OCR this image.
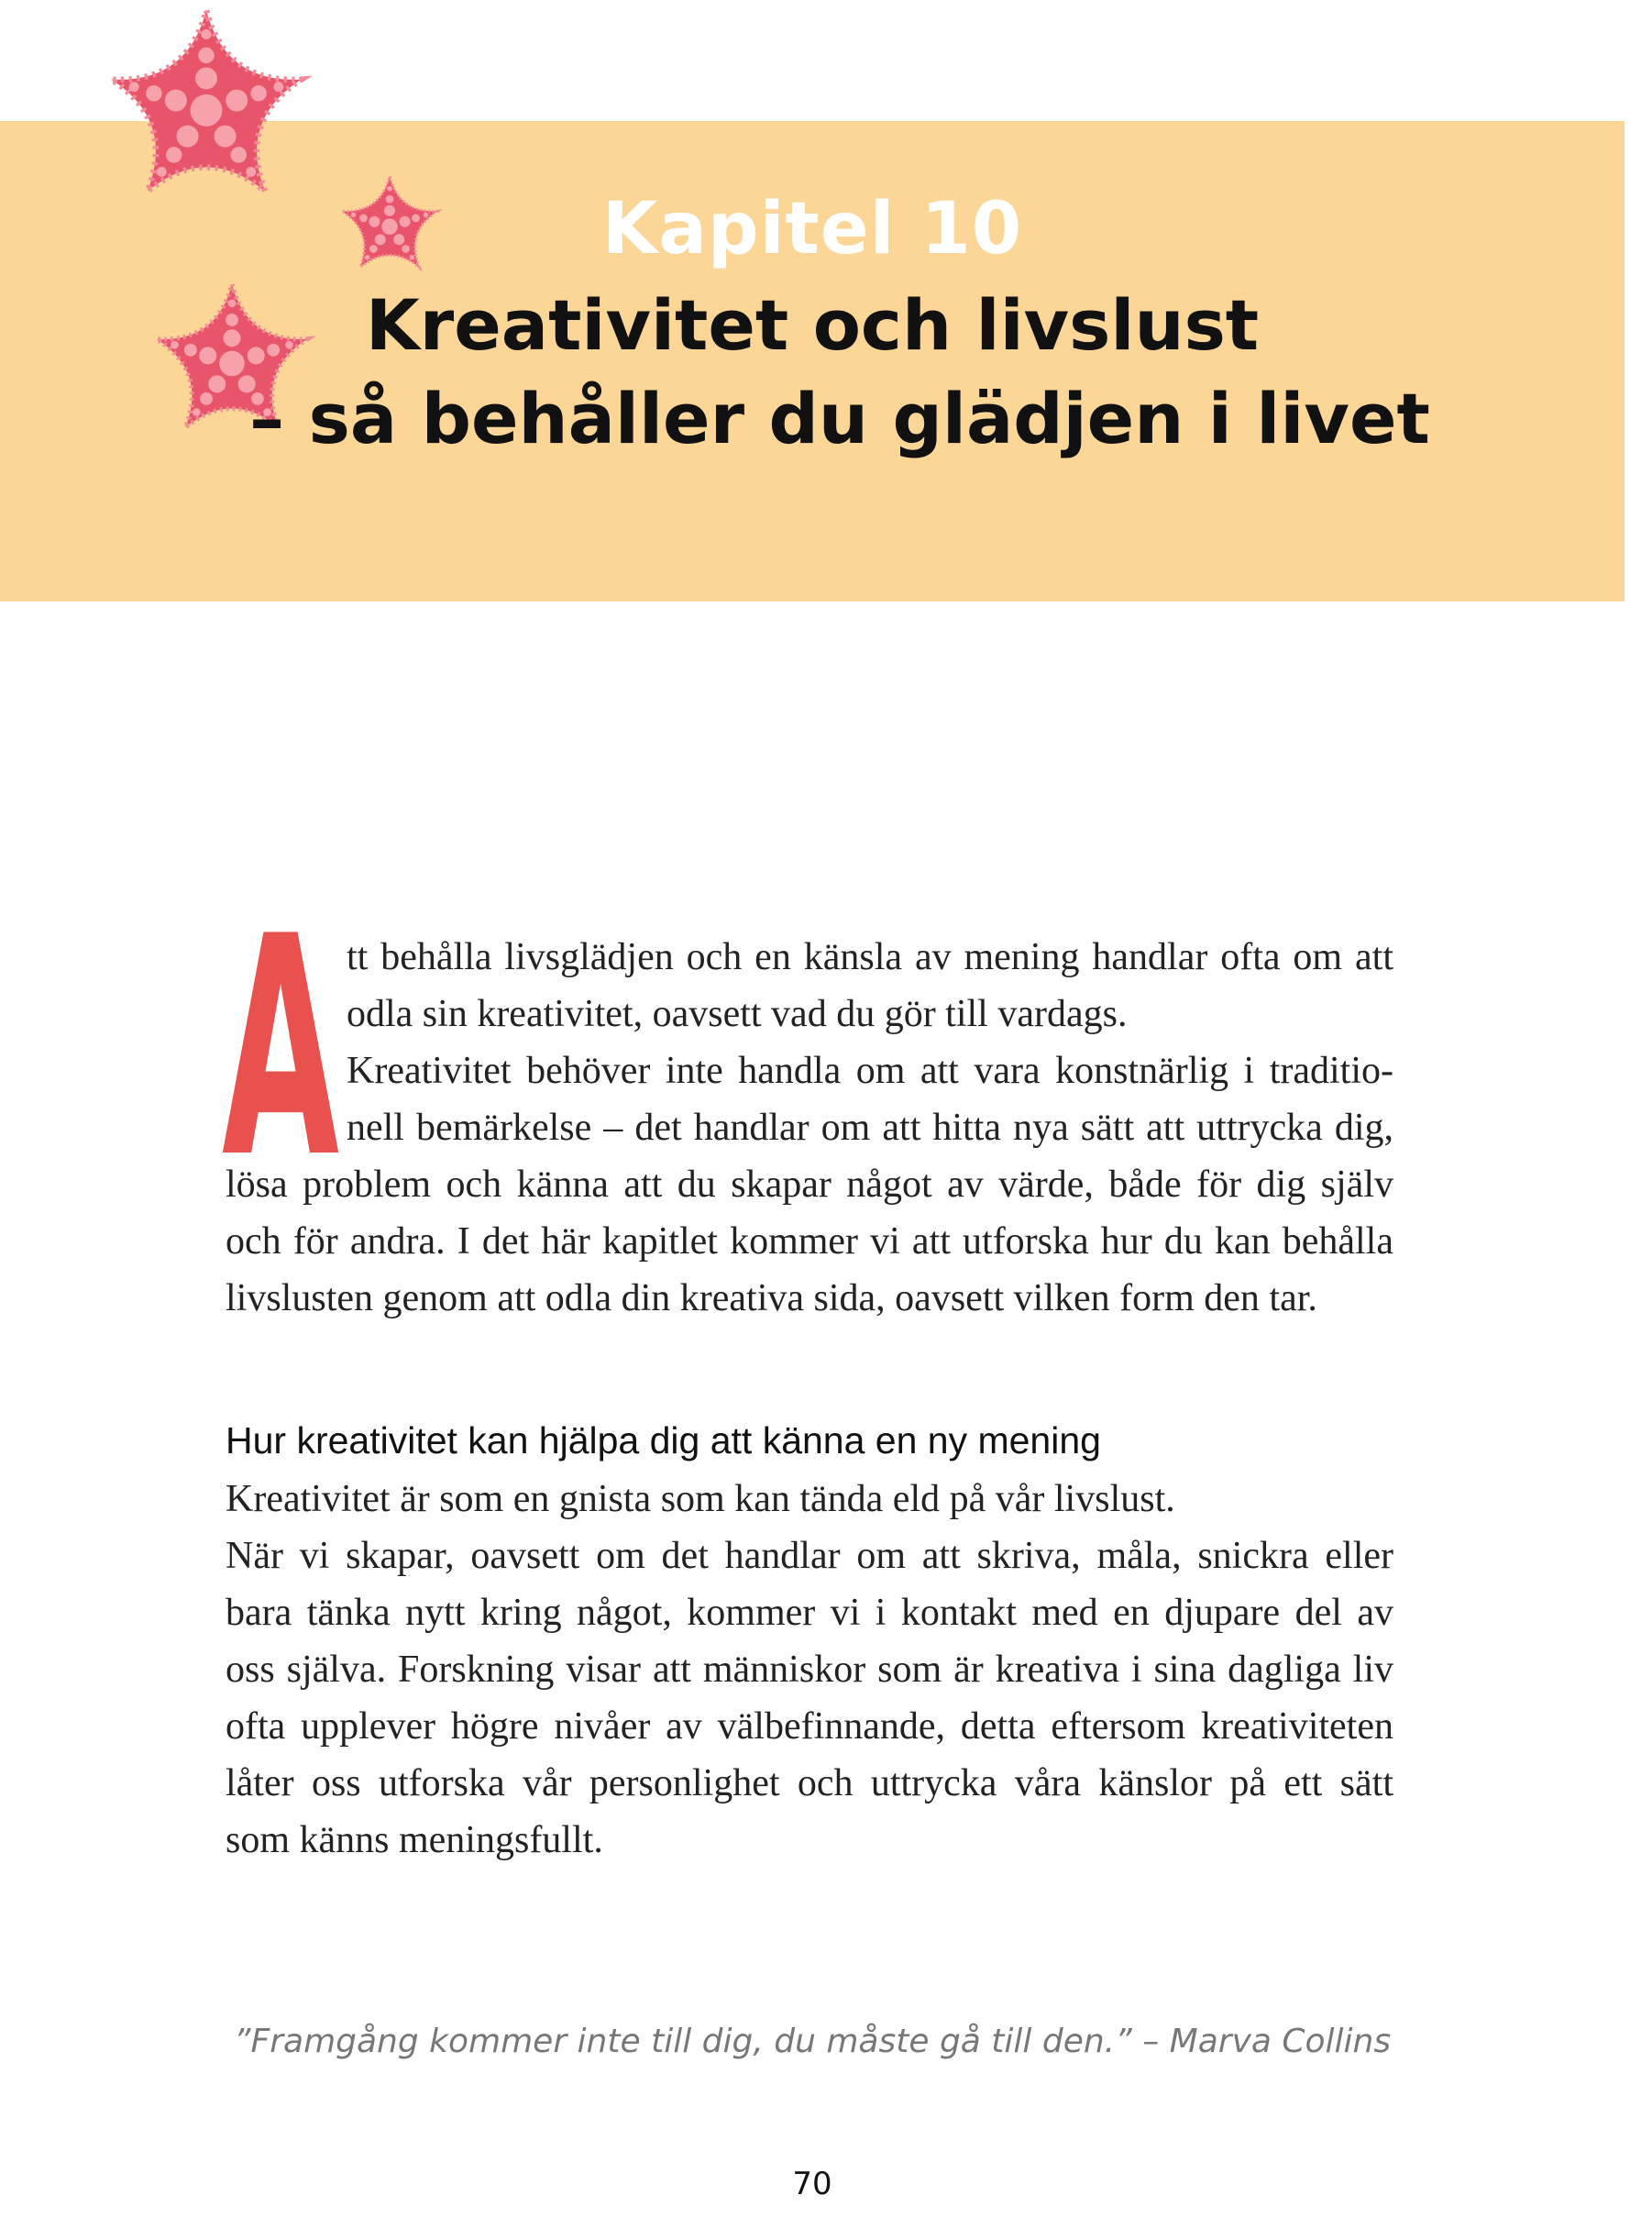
Kapitel 10
Kreativitet och livslust
– så behåller du glädjen i livet
A tt behålla livsglädjen och en känsla av mening handlar ofta om att
odla sin kreativitet, oavsett vad du gör till vardags.
Kreativitet behöver inte handla om att vara konstnärlig i traditio-
nell bemärkelse – det handlar om att hitta nya sätt att uttrycka dig,
lösa problem och känna att du skapar något av värde, både för dig själv
och för andra. I det här kapitlet kommer vi att utforska hur du kan behålla
livslusten genom att odla din kreativa sida, oavsett vilken form den tar.
Hur kreativitet kan hjälpa dig att känna en ny mening
Kreativitet är som en gnista som kan tända eld på vår livslust.
När vi skapar, oavsett om det handlar om att skriva, måla, snickra eller
bara tänka nytt kring något, kommer vi i kontakt med en djupare del av
oss själva. Forskning visar att människor som är kreativa i sina dagliga liv
ofta upplever högre nivåer av välbefinnande, detta eftersom kreativiteten
låter oss utforska vår personlighet och uttrycka våra känslor på ett sätt
som känns meningsfullt.
”Framgång kommer inte till dig, du måste gå till den.” – Marva Collins
70
